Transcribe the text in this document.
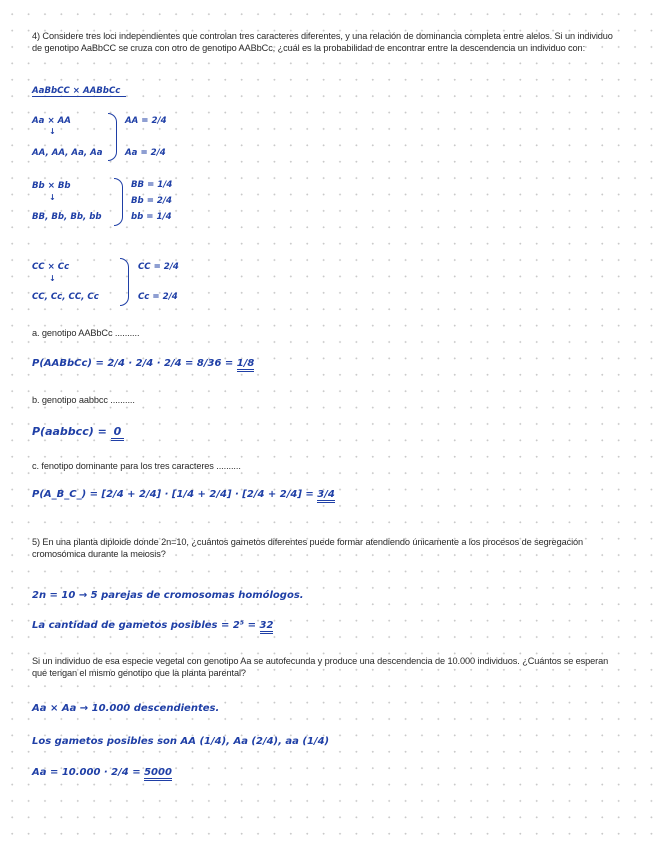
4) Considere tres loci independientes que controlan tres caracteres diferentes, y una relación de dominancia completa entre alelos. Si un individuo de genotipo AaBbCC se cruza con otro de genotipo AABbCc, ¿cuál es la probabilidad de encontrar entre la descendencia un individuo con:
AaBbCC × AABbCc
Aa × AA
↓
AA, AA, Aa, Aa
AA = 2/4
Aa = 2/4
Bb × Bb
↓
BB, Bb, Bb, bb
BB = 1/4
Bb = 2/4
bb = 1/4
CC × Cc
↓
CC, Cc, CC, Cc
CC = 2/4
Cc = 2/4
a. genotipo AABbCc ..........
P(AABbCc) = 2/4 · 2/4 · 2/4 = 8/36 = 1/8
b. genotipo aabbcc ..........
P(aabbcc) = 0
c. fenotipo dominante para los tres caracteres ..........
P(A_B_C_) = [2/4 + 2/4] · [1/4 + 2/4] · [2/4 + 2/4] = 3/4
5) En una planta diploide donde 2n=10, ¿cuántos gametos diferentes puede formar atendiendo únicamente a los procesos de segregación cromosómica durante la meiosis?
2n = 10 → 5 parejas de cromosomas homólogos.
La cantidad de gametos posibles = 2⁵ = 32
Si un individuo de esa especie vegetal con genotipo Aa se autofecunda y produce una descendencia de 10.000 individuos. ¿Cuántos se esperan que tengan el mismo genotipo que la planta parental?
Aa × Aa → 10.000 descendientes.
Los gametos posibles son AA (1/4), Aa (2/4), aa (1/4)
Aa = 10.000 · 2/4 = 5000
